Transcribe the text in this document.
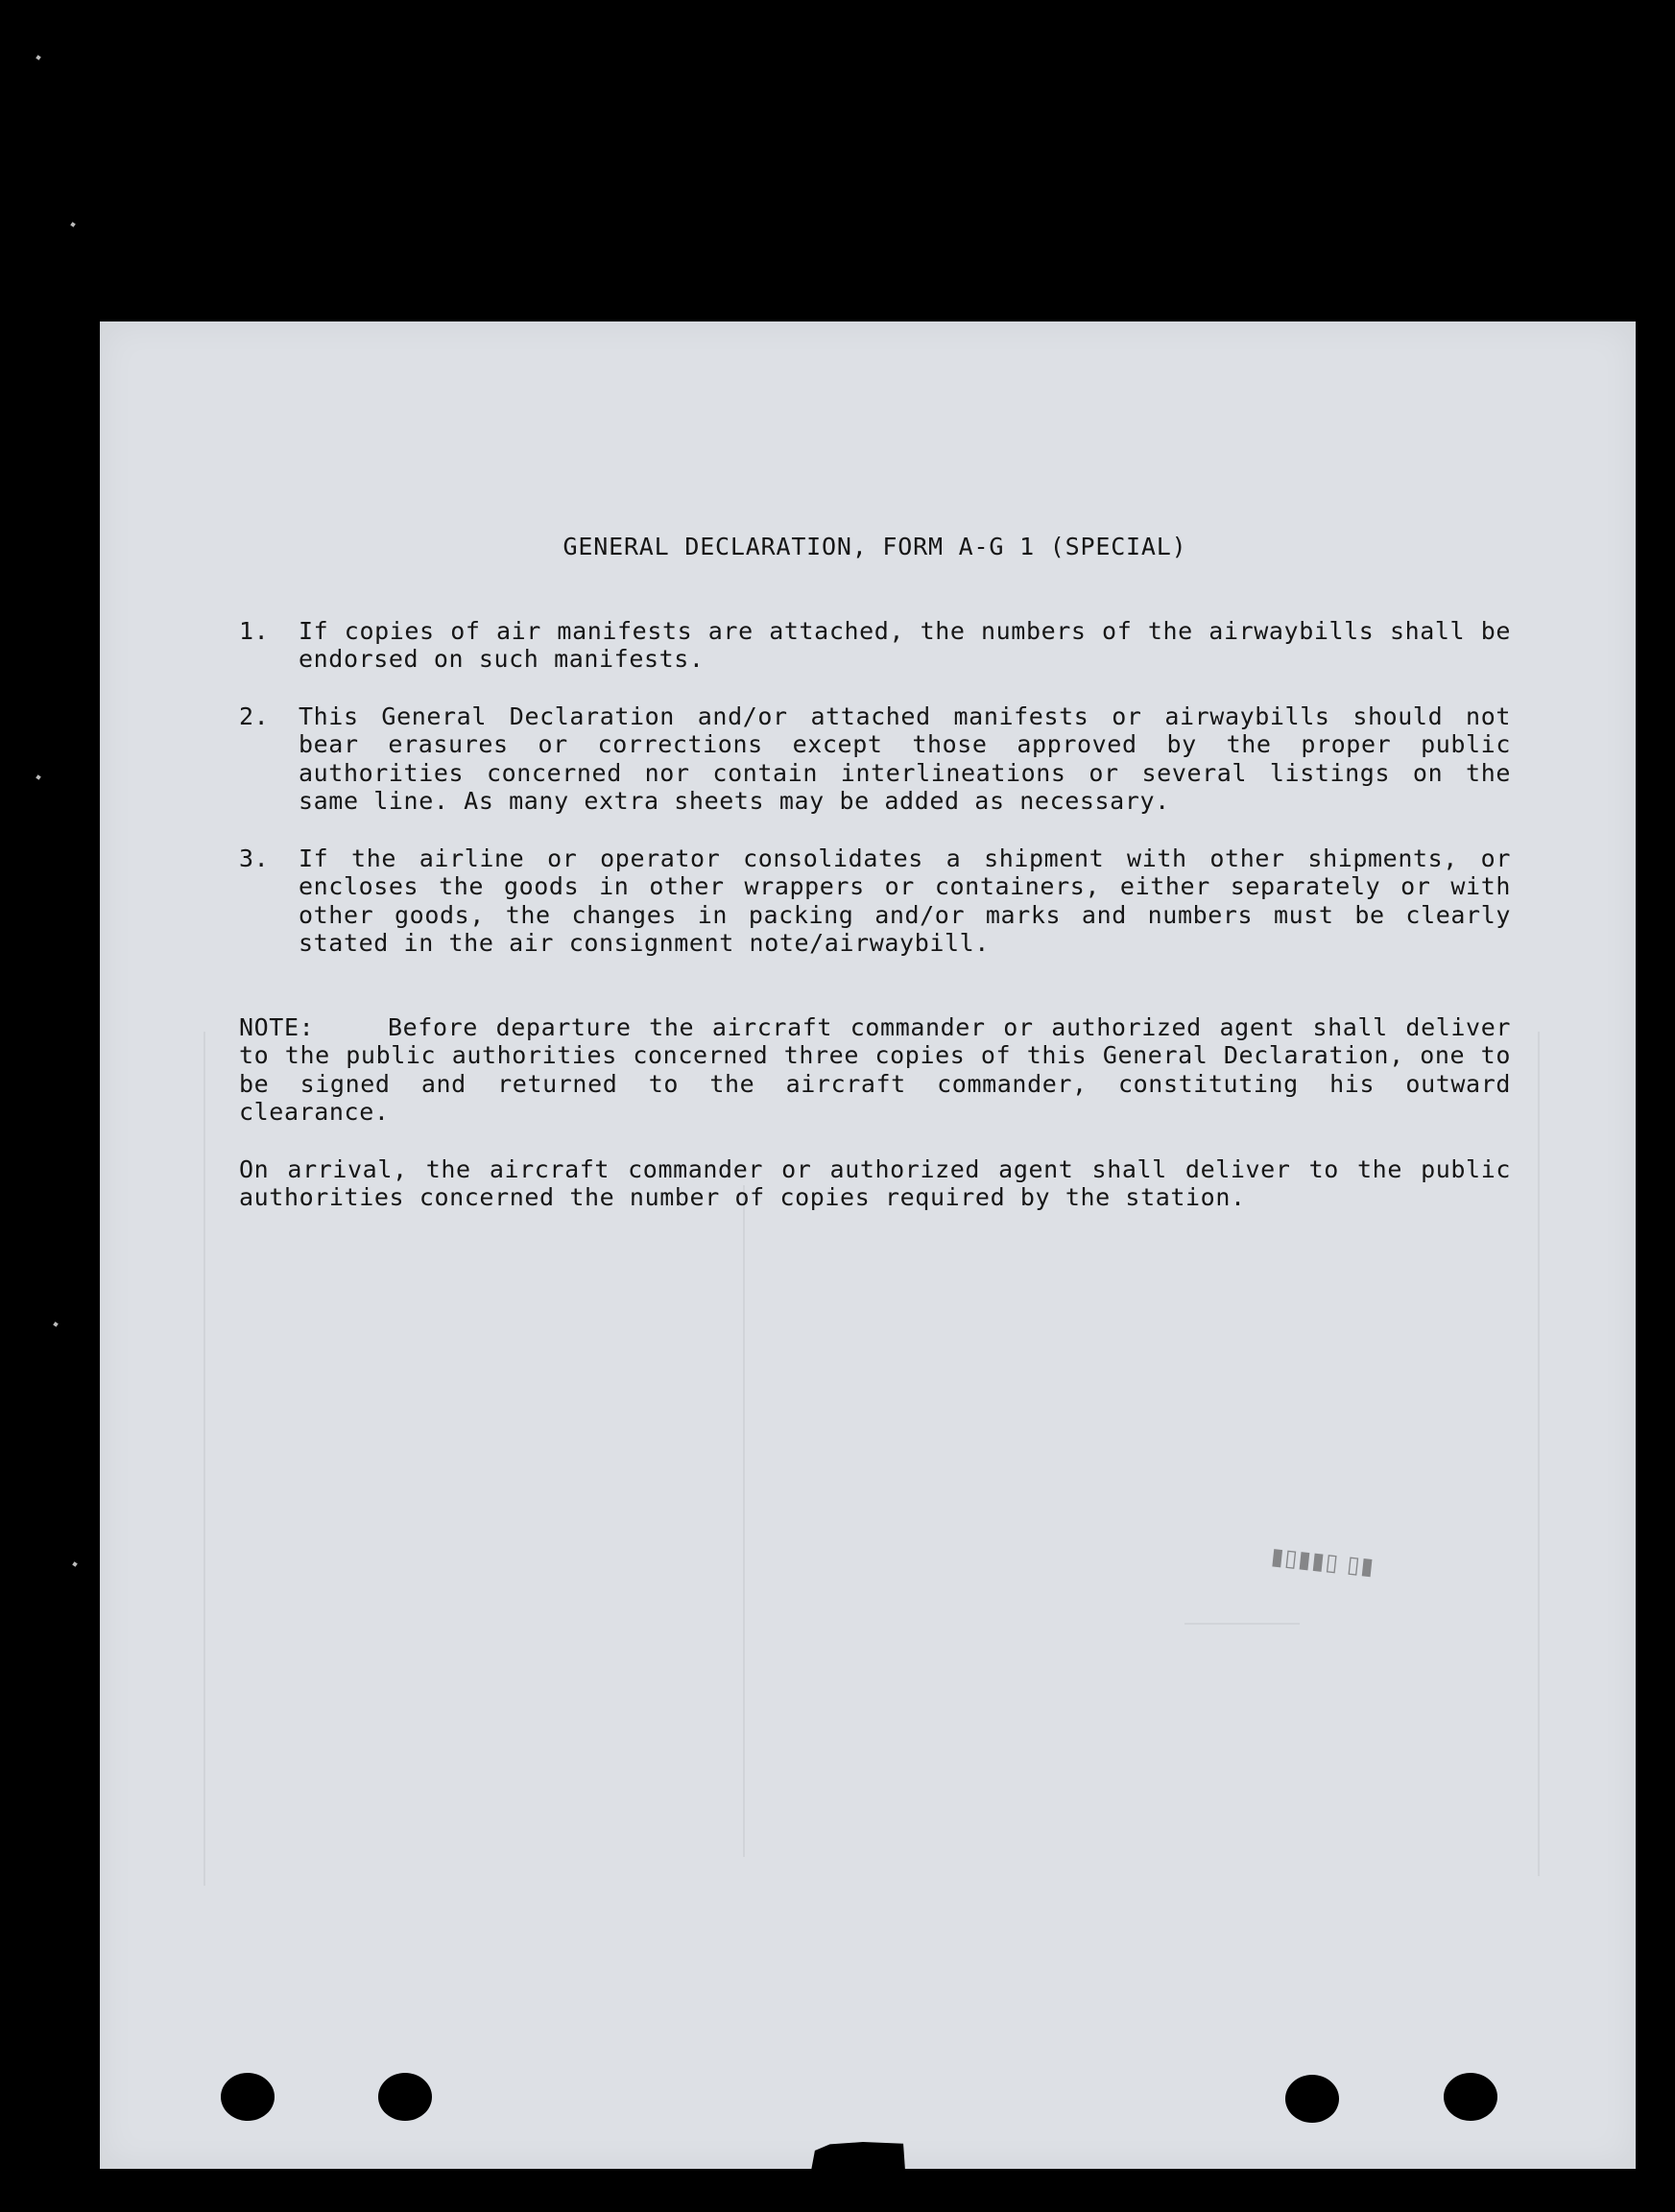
GENERAL DECLARATION, FORM A-G 1 (SPECIAL)
1.	If copies of air manifests are attached, the numbers of the airwaybills shall be endorsed on such manifests.
2.	This General Declaration and/or attached manifests or airwaybills should not bear erasures or corrections except those approved by the proper public authorities concerned nor contain interlineations or several listings on the same line. As many extra sheets may be added as necessary.
3.	If the airline or operator consolidates a shipment with other shipments, or encloses the goods in other wrappers or containers, either separately or with other goods, the changes in packing and/or marks and numbers must be clearly stated in the air consignment note/airwaybill.
NOTE:	Before departure the aircraft commander or authorized agent shall deliver to the public authorities concerned three copies of this General Declaration, one to be signed and returned to the aircraft commander, constituting his outward clearance.
On arrival, the aircraft commander or authorized agent shall deliver to the public authorities concerned the number of copies required by the station.
▮▯▮▮▯ ▯▮
